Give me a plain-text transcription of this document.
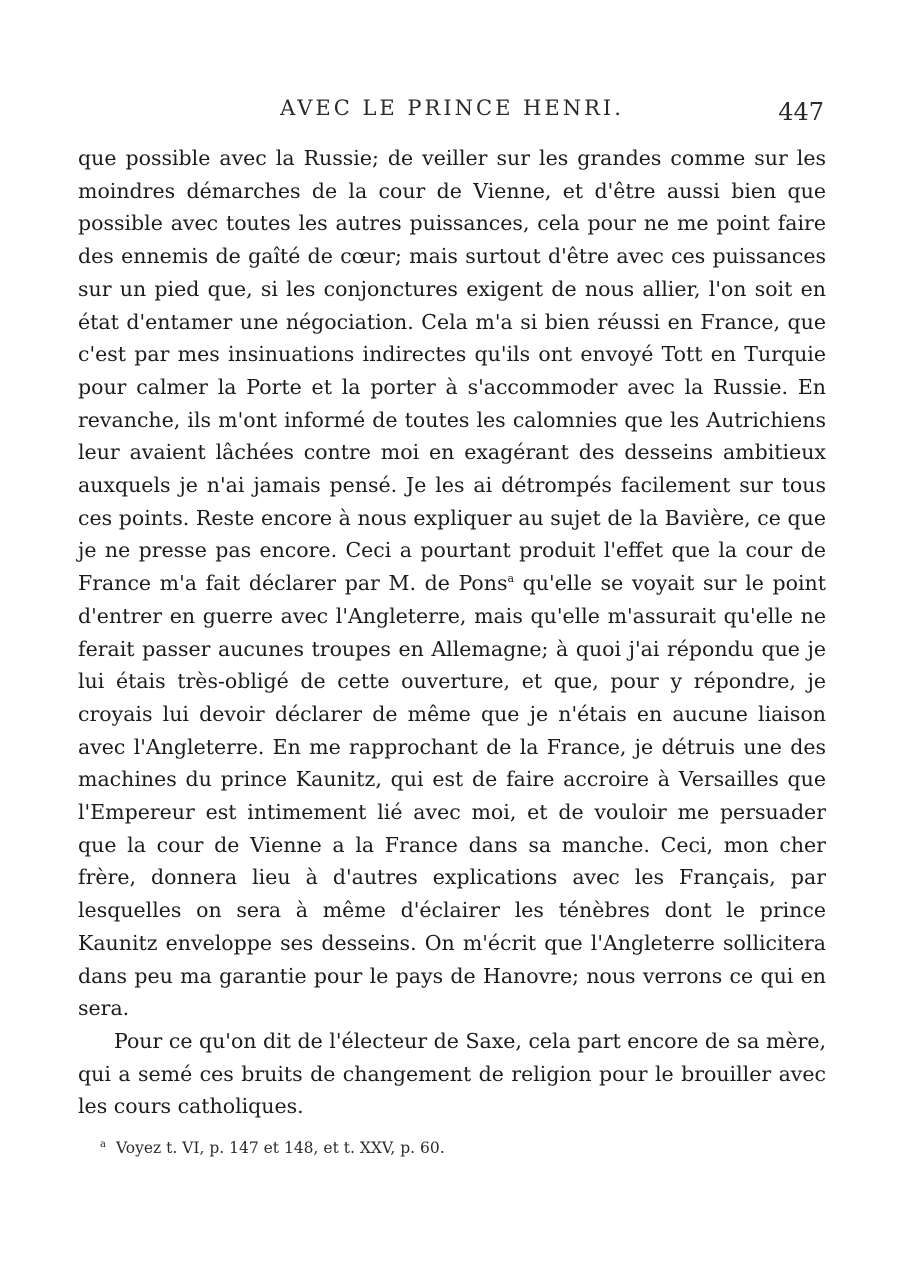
AVEC LE PRINCE HENRI.	447

que possible avec la Russie; de veiller sur les grandes comme sur les moindres démarches de la cour de Vienne, et d'être aussi bien que possible avec toutes les autres puissances, cela pour ne me point faire des ennemis de gaîté de cœur; mais surtout d'être avec ces puissances sur un pied que, si les conjonctures exigent de nous allier, l'on soit en état d'entamer une négociation. Cela m'a si bien réussi en France, que c'est par mes insinuations indirectes qu'ils ont envoyé Tott en Turquie pour calmer la Porte et la porter à s'accommoder avec la Russie. En revanche, ils m'ont informé de toutes les calomnies que les Autrichiens leur avaient lâchées contre moi en exagérant des desseins ambitieux auxquels je n'ai jamais pensé. Je les ai détrompés facilement sur tous ces points. Reste encore à nous expliquer au sujet de la Bavière, ce que je ne presse pas encore. Ceci a pourtant produit l'effet que la cour de France m'a fait déclarer par M. de Pons$^a$ qu'elle se voyait sur le point d'entrer en guerre avec l'Angleterre, mais qu'elle m'assurait qu'elle ne ferait passer aucunes troupes en Allemagne; à quoi j'ai répondu que je lui étais très-obligé de cette ouverture, et que, pour y répondre, je croyais lui devoir déclarer de même que je n'étais en aucune liaison avec l'Angleterre. En me rapprochant de la France, je détruis une des machines du prince Kaunitz, qui est de faire accroire à Versailles que l'Empereur est intimement lié avec moi, et de vouloir me persuader que la cour de Vienne a la France dans sa manche. Ceci, mon cher frère, donnera lieu à d'autres explications avec les Français, par lesquelles on sera à même d'éclairer les ténèbres dont le prince Kaunitz enveloppe ses desseins. On m'écrit que l'Angleterre sollicitera dans peu ma garantie pour le pays de Hanovre; nous verrons ce qui en sera.

Pour ce qu'on dit de l'électeur de Saxe, cela part encore de sa mère, qui a semé ces bruits de changement de religion pour le brouiller avec les cours catholiques.

$^a$ Voyez t. VI, p. 147 et 148, et t. XXV, p. 60.
